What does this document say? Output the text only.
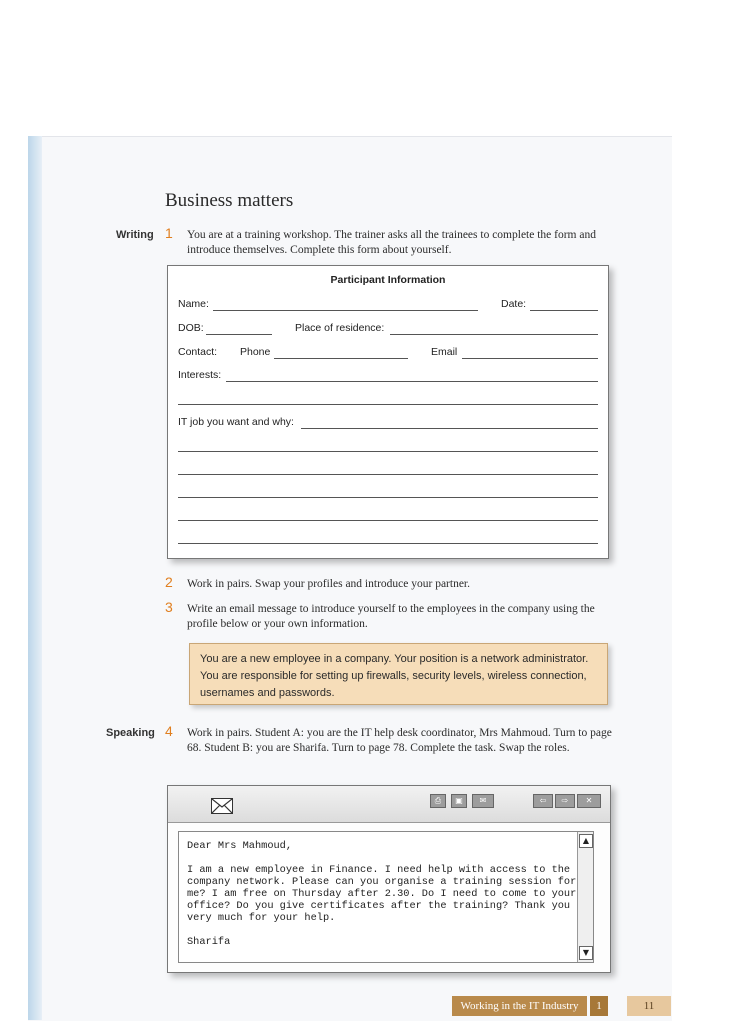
Business matters
Writing 1 You are at a training workshop. The trainer asks all the trainees to complete the form and introduce themselves. Complete this form about yourself.
Participant Information
Name:	Date:
DOB:	Place of residence:
Contact: Phone	Email
Interests:
IT job you want and why:
2 Work in pairs. Swap your profiles and introduce your partner.
3 Write an email message to introduce yourself to the employees in the company using the profile below or your own information.
You are a new employee in a company. Your position is a network administrator. You are responsible for setting up firewalls, security levels, wireless connection, usernames and passwords.
Speaking 4 Work in pairs. Student A: you are the IT help desk coordinator, Mrs Mahmoud. Turn to page 68. Student B: you are Sharifa. Turn to page 78. Complete the task. Swap the roles.
⎙	▣	✉	⇦	⇨	✕
Dear Mrs Mahmoud,

I am a new employee in Finance. I need help with access to the company network. Please can you organise a training session for me? I am free on Thursday after 2.30. Do I need to come to your office? Do you give certificates after the training? Thank you very much for your help.

Sharifa
▲
▼
Working in the IT Industry	1	11
